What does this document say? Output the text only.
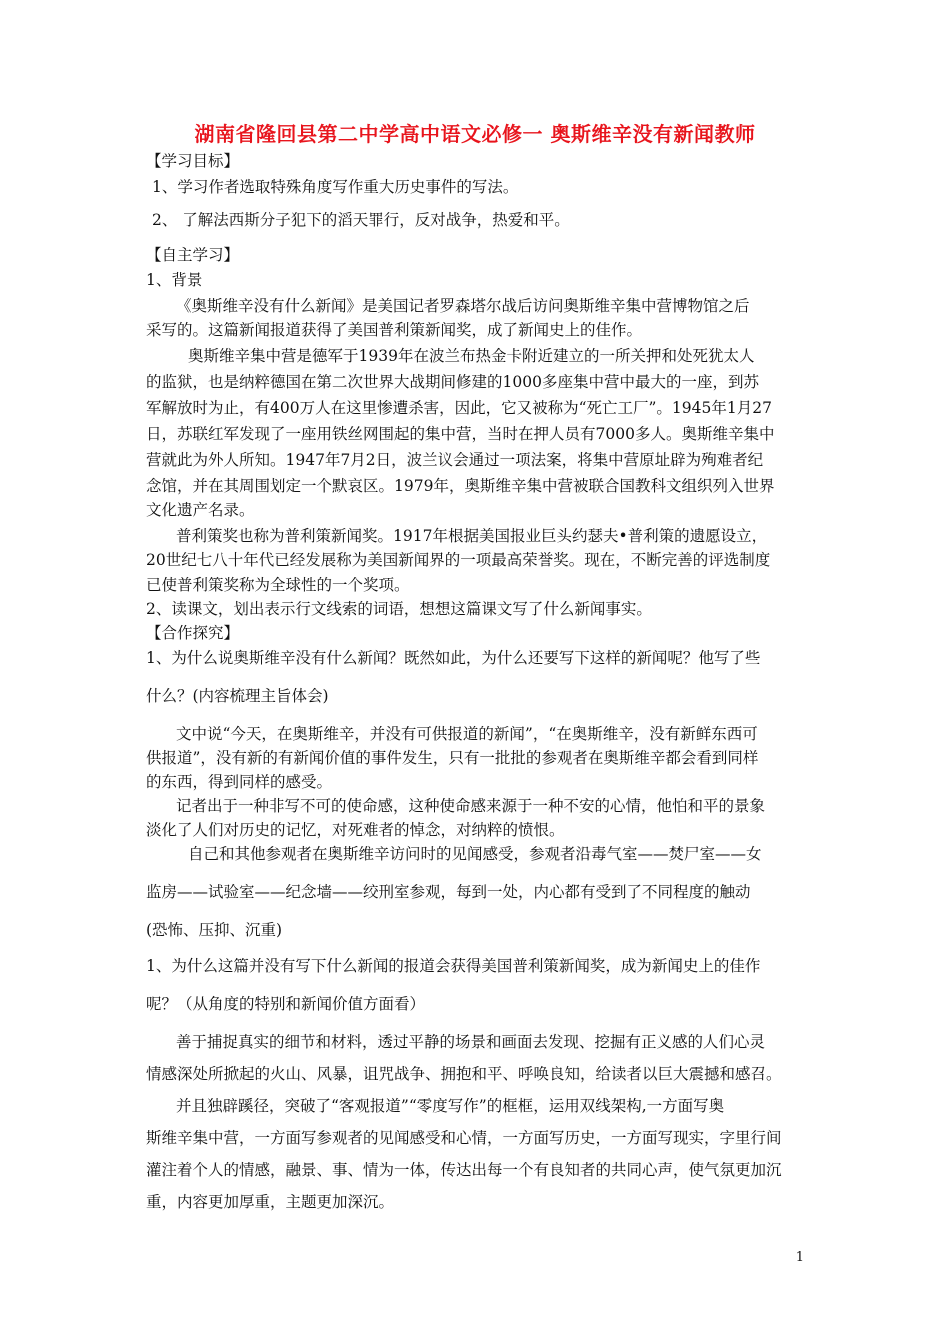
湖南省隆回县第二中学高中语文必修一 奥斯维辛没有新闻教师
【学习目标】
1、学习作者选取特殊角度写作重大历史事件的写法。
2、 了解法西斯分子犯下的滔天罪行，反对战争，热爱和平。
【自主学习】
1、背景
《奥斯维辛没有什么新闻》是美国记者罗森塔尔战后访问奥斯维辛集中营博物馆之后
采写的。这篇新闻报道获得了美国普利策新闻奖，成了新闻史上的佳作。
奥斯维辛集中营是德军于1939年在波兰布热金卡附近建立的一所关押和处死犹太人
的监狱，也是纳粹德国在第二次世界大战期间修建的1000多座集中营中最大的一座，到苏
军解放时为止，有400万人在这里惨遭杀害，因此，它又被称为“死亡工厂”。1945年1月27
日，苏联红军发现了一座用铁丝网围起的集中营，当时在押人员有7000多人。奥斯维辛集中
营就此为外人所知。1947年7月2日，波兰议会通过一项法案，将集中营原址辟为殉难者纪
念馆，并在其周围划定一个默哀区。1979年，奥斯维辛集中营被联合国教科文组织列入世界
文化遗产名录。
普利策奖也称为普利策新闻奖。1917年根据美国报业巨头约瑟夫•普利策的遗愿设立，
20世纪七八十年代已经发展称为美国新闻界的一项最高荣誉奖。现在，不断完善的评选制度
已使普利策奖称为全球性的一个奖项。
2、读课文，划出表示行文线索的词语，想想这篇课文写了什么新闻事实。
【合作探究】
1、为什么说奥斯维辛没有什么新闻？既然如此，为什么还要写下这样的新闻呢？他写了些
什么？(内容梳理主旨体会)
文中说“今天，在奥斯维辛，并没有可供报道的新闻”，“在奥斯维辛，没有新鲜东西可
供报道”，没有新的有新闻价值的事件发生，只有一批批的参观者在奥斯维辛都会看到同样
的东西，得到同样的感受。
记者出于一种非写不可的使命感，这种使命感来源于一种不安的心情，他怕和平的景象
淡化了人们对历史的记忆，对死难者的悼念，对纳粹的愤恨。
自己和其他参观者在奥斯维辛访问时的见闻感受，参观者沿毒气室——焚尸室——女
监房——试验室——纪念墙——绞刑室参观，每到一处，内心都有受到了不同程度的触动
(恐怖、压抑、沉重)
1、为什么这篇并没有写下什么新闻的报道会获得美国普利策新闻奖，成为新闻史上的佳作
呢？（从角度的特别和新闻价值方面看）
善于捕捉真实的细节和材料，透过平静的场景和画面去发现、挖掘有正义感的人们心灵
情感深处所掀起的火山、风暴，诅咒战争、拥抱和平、呼唤良知，给读者以巨大震撼和感召。
并且独辟蹊径，突破了“客观报道”“零度写作”的框框，运用双线架构,一方面写奥
斯维辛集中营，一方面写参观者的见闻感受和心情，一方面写历史，一方面写现实，字里行间
灌注着个人的情感，融景、事、情为一体，传达出每一个有良知者的共同心声，使气氛更加沉
重，内容更加厚重，主题更加深沉。
1
